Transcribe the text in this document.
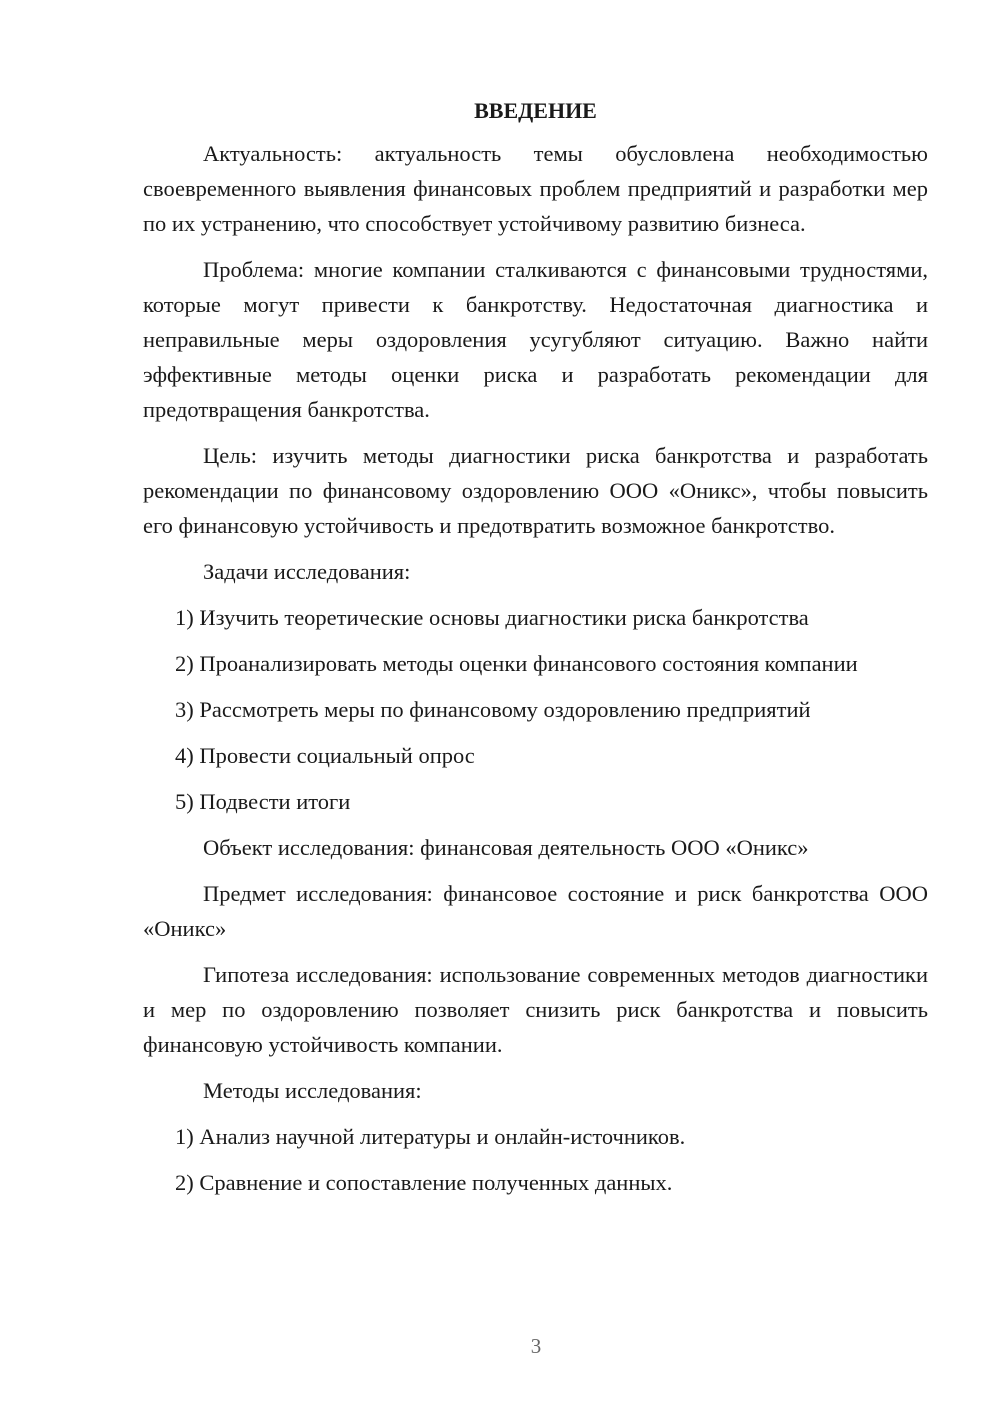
ВВЕДЕНИЕ

Актуальность: актуальность темы обусловлена необходимостью своевременного выявления финансовых проблем предприятий и разработки мер по их устранению, что способствует устойчивому развитию бизнеса.

Проблема: многие компании сталкиваются с финансовыми трудностями, которые могут привести к банкротству. Недостаточная диагностика и неправильные меры оздоровления усугубляют ситуацию. Важно найти эффективные методы оценки риска и разработать рекомендации для предотвращения банкротства.

Цель: изучить методы диагностики риска банкротства и разработать рекомендации по финансовому оздоровлению ООО «Оникс», чтобы повысить его финансовую устойчивость и предотвратить возможное банкротство.

Задачи исследования:

1) Изучить теоретические основы диагностики риска банкротства

2) Проанализировать методы оценки финансового состояния компании

3) Рассмотреть меры по финансовому оздоровлению предприятий

4) Провести социальный опрос

5) Подвести итоги

Объект исследования: финансовая деятельность ООО «Оникс»

Предмет исследования: финансовое состояние и риск банкротства ООО «Оникс»

Гипотеза исследования: использование современных методов диагностики и мер по оздоровлению позволяет снизить риск банкротства и повысить финансовую устойчивость компании.

Методы исследования:

1) Анализ научной литературы и онлайн-источников.

2) Сравнение и сопоставление полученных данных.

3
